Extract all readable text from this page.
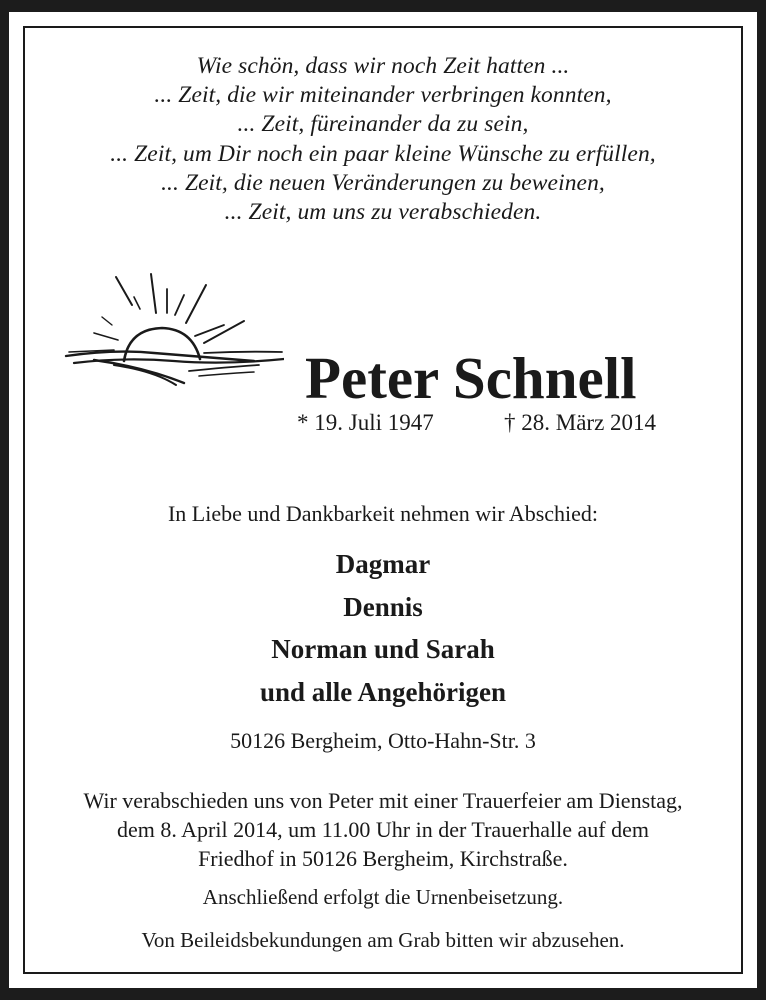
Wie schön, dass wir noch Zeit hatten ...
... Zeit, die wir miteinander verbringen konnten,
... Zeit, füreinander da zu sein,
... Zeit, um Dir noch ein paar kleine Wünsche zu erfüllen,
... Zeit, die neuen Veränderungen zu beweinen,
... Zeit, um uns zu verabschieden.
Peter Schnell
* 19. Juli 1947	† 28. März 2014
In Liebe und Dankbarkeit nehmen wir Abschied:
Dagmar
Dennis
Norman und Sarah
und alle Angehörigen
50126 Bergheim, Otto-Hahn-Str. 3
Wir verabschieden uns von Peter mit einer Trauerfeier am Dienstag,
dem 8. April 2014, um 11.00 Uhr in der Trauerhalle auf dem
Friedhof in 50126 Bergheim, Kirchstraße.
Anschließend erfolgt die Urnenbeisetzung.
Von Beileidsbekundungen am Grab bitten wir abzusehen.
